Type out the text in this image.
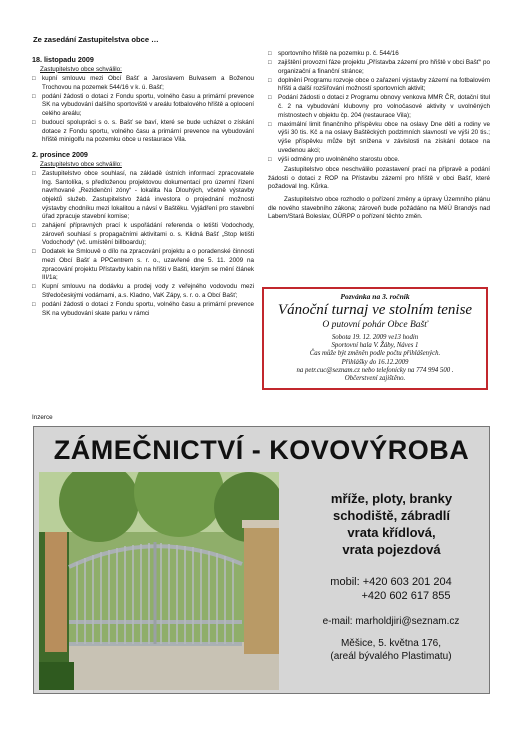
Ze zasedání Zastupitelstva obce …
18. listopadu 2009
Zastupitelstvo obce schválilo:
□ kupní smlouvu mezi Obcí Bašť a Jaroslavem Bulvasem a Boženou Trochovou na pozemek 544/16 v k. ú. Bašť;
□ podání žádosti o dotaci z Fondu sportu, volného času a primární prevence SK na vybudování dalšího sportoviště v areálu fotbalového hřiště a oplocení celého areálu;
□ budoucí spolupráci s o. s. Bašť se baví, které se bude ucházet o získání dotace z Fondu sportu, volného času a primární prevence na vybudování hřiště minigolfu na pozemku obce u restaurace Vila.
2. prosince 2009
Zastupitelstvo obce schválilo:
□ Zastupitelstvo obce souhlasí, na základě ústních informací zpracovatele Ing. Santolíka, s předloženou projektovou dokumentací pro územní řízení navrhované „Rezidenční zóny“ - lokalita Na Dlouhých, včetně výstavby objektů služeb. Zastupitelstvo žádá investora o projednání možnosti výstavby chodníku mezi lokalitou a návsí v Baštěku. Vyjádření pro stavební úřad zpracuje stavební komise;
□ zahájení přípravných prací k uspořádání referenda o letišti Vodochody, zároveň souhlasí s propagačními aktivitami o. s. Klidná Bašť „Stop letišti Vodochody“ (vč. umístění billboardu);
□ Dodatek ke Smlouvě o dílo na zpracování projektu a o poradenské činnosti mezi Obcí Bašť a PPCentrem s. r. o., uzavřené dne 5. 11. 2009 na zpracování projektu Přístavby kabin na hřišti v Bašti, kterým se mění článek III/1a;
□ Kupní smlouvu na dodávku a prodej vody z veřejného vodovodu mezi Středočeskými vodárnami, a.s. Kladno, VaK Zápy, s. r. o. a Obcí Bašť;
□ podání žádosti o dotaci z Fondu sportu, volného času a primární prevence SK na vybudování skate parku v rámci
□ sportovního hřiště na pozemku p. č. 544/16
□ zajištění provozní fáze projektu „Přístavba zázemí pro hřiště v obci Bašť“ po organizační a finanční stránce;
□ doplnění Programu rozvoje obce o zařazení výstavby zázemí na fotbalovém hřišti a další rozšiřování možností sportovních aktivit;
□ Podání žádosti o dotaci z Programu obnovy venkova MMR ČR, dotační titul č. 2 na vybudování klubovny pro volnočasové aktivity v uvolněných místnostech v objektu čp. 204 (restaurace Vila);
□ maximální limit finančního příspěvku obce na oslavy Dne dětí a rodiny ve výši 30 tis. Kč a na oslavy Baštěckých podzimních slavností ve výši 20 tis.; výše příspěvku může být snížena v závislosti na získání dotace na uvedenou akci;
□ výši odměny pro uvolněného starostu obce.
Zastupitelstvo obce neschválilo pozastavení prací na přípravě a podání žádosti o dotaci z ROP na Přístavbu zázemí pro hřiště v obci Bašť, které požadoval Ing. Kůrka.
Zastupitelstvo obce rozhodlo o pořízení změny a úpravy Územního plánu dle nového stavebního zákona; zároveň bude požádáno na MěÚ Brandýs nad Labem/Stará Boleslav, OÚRPP o pořízení těchto změn.
Pozvánka na 3. ročník
Vánoční turnaj ve stolním tenise
O putovní pohár Obce Bašť
Sobota 19. 12. 2009 ve13 hodin
Sportovní hala V. Žáby, Náves 1
Čas může být změněn podle počtu přihlášených.
Přihlášky do 16.12.2009
na petr.cuc@seznam.cz nebo telefonicky na 774 994 500 .
Občerstvení zajištěno.
Inzerce
ZÁMEČNICTVÍ - KOVOVÝROBA
mříže, ploty, branky
schodiště, zábradlí
vrata křídlová,
vrata pojezdová
mobil: +420 603 201 204
+420 602 617 855
e-mail: marholdjiri@seznam.cz
Měšice, 5. května 176,
(areál bývalého Plastimatu)
